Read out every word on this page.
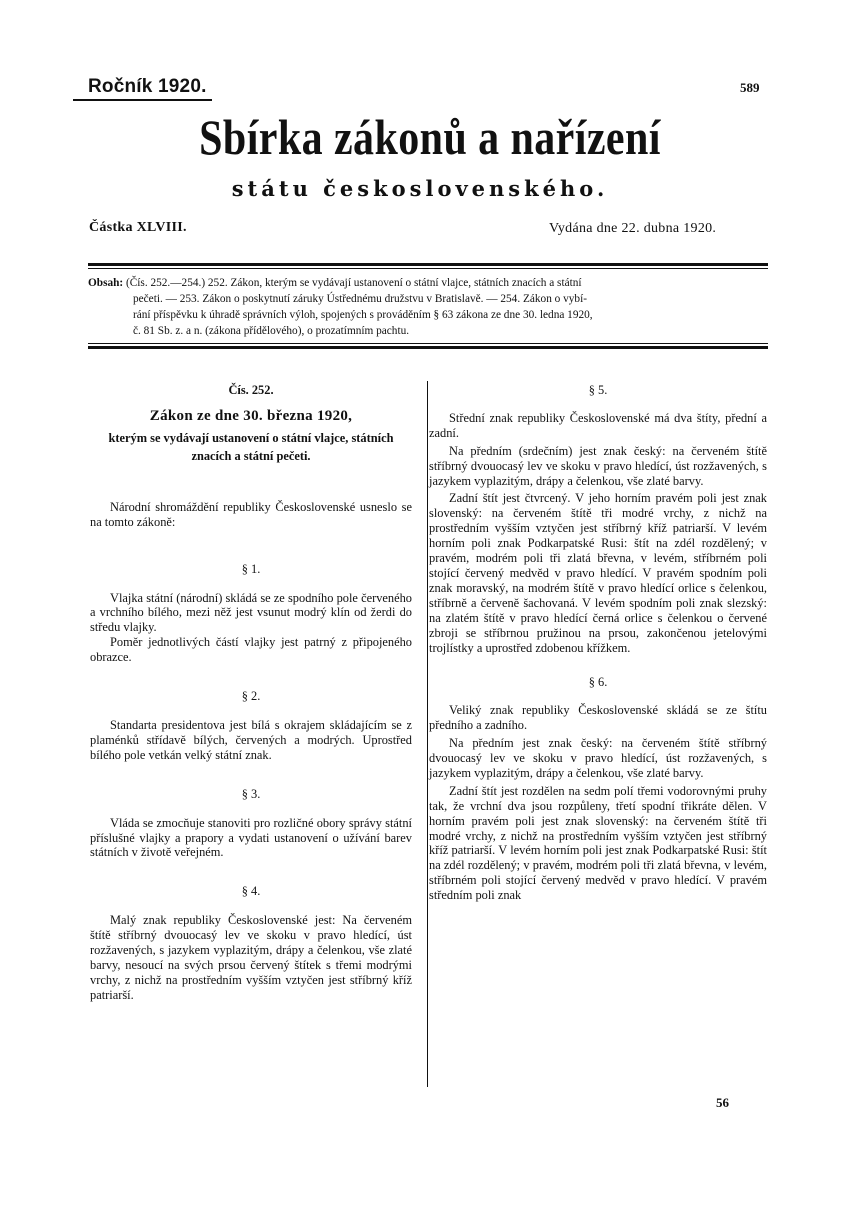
Ročník 1920.	589
Sbírka zákonů a nařízení
státu československého.
Částka XLVIII.	Vydána dne 22. dubna 1920.

Obsah: (Čís. 252.—254.) 252. Zákon, kterým se vydávají ustanovení o státní vlajce, státních znacích a státní

pečeti. — 253. Zákon o poskytnutí záruky Ústřednému družstvu v Bratislavě. — 254. Zákon o vybí-

rání příspěvku k úhradě správních výloh, spojených s prováděním § 63 zákona ze dne 30. ledna 1920,

č. 81 Sb. z. a n. (zákona přídělového), o prozatímním pachtu.

Čís. 252.

Zákon ze dne 30. března 1920,

kterým se vydávají ustanovení o státní vlajce, státních znacích a státní pečeti.

Národní shromáždění republiky Československé usneslo se na tomto zákoně:

§ 1.

Vlajka státní (národní) skládá se ze spodního pole červeného a vrchního bílého, mezi něž jest vsunut modrý klín od žerdi do středu vlajky.

Poměr jednotlivých částí vlajky jest patrný z připojeného obrazce.

§ 2.

Standarta presidentova jest bílá s okrajem skládajícím se z plaménků střídavě bílých, červených a modrých. Uprostřed bílého pole vetkán velký státní znak.

§ 3.

Vláda se zmocňuje stanoviti pro rozličné obory správy státní příslušné vlajky a prapory a vydati ustanovení o užívání barev státních v životě veřejném.

§ 4.

Malý znak republiky Československé jest: Na červeném štítě stříbrný dvouocasý lev ve skoku v pravo hledící, úst rozžavených, s jazykem vyplazitým, drápy a čelenkou, vše zlaté barvy, nesoucí na svých prsou červený štítek s třemi modrými vrchy, z nichž na prostředním vyšším vztyčen jest stříbrný kříž patriarší.

§ 5.

Střední znak republiky Československé má dva štíty, přední a zadní.

Na předním (srdečním) jest znak český: na červeném štítě stříbrný dvouocasý lev ve skoku v pravo hledící, úst rozžavených, s jazykem vyplazitým, drápy a čelenkou, vše zlaté barvy.

Zadní štít jest čtvrcený. V jeho horním pravém poli jest znak slovenský: na červeném štítě tři modré vrchy, z nichž na prostředním vyšším vztyčen jest stříbrný kříž patriarší. V levém horním poli znak Podkarpatské Rusi: štít na zdél rozdělený; v pravém, modrém poli tři zlatá břevna, v levém, stříbrném poli stojící červený medvěd v pravo hledící. V pravém spodním poli znak moravský, na modrém štítě v pravo hledící orlice s čelenkou, stříbrně a červeně šachovaná. V levém spodním poli znak slezský: na zlatém štítě v pravo hledící černá orlice s čelenkou o červené zbroji se stříbrnou pružinou na prsou, zakončenou jetelovými trojlístky a uprostřed zdobenou křížkem.

§ 6.

Veliký znak republiky Československé skládá se ze štítu předního a zadního.

Na předním jest znak český: na červeném štítě stříbrný dvouocasý lev ve skoku v pravo hledící, úst rozžavených, s jazykem vyplazitým, drápy a čelenkou, vše zlaté barvy.

Zadní štít jest rozdělen na sedm polí třemi vodorovnými pruhy tak, že vrchní dva jsou rozpůleny, třetí spodní třikráte dělen. V horním pravém poli jest znak slovenský: na červeném štítě tři modré vrchy, z nichž na prostředním vyšším vztyčen jest stříbrný kříž patriarší. V levém horním poli jest znak Podkarpatské Rusi: štít na zdél rozdělený; v pravém, modrém poli tři zlatá břevna, v levém, stříbrném poli stojící červený medvěd v pravo hledící. V pravém středním poli znak

56
